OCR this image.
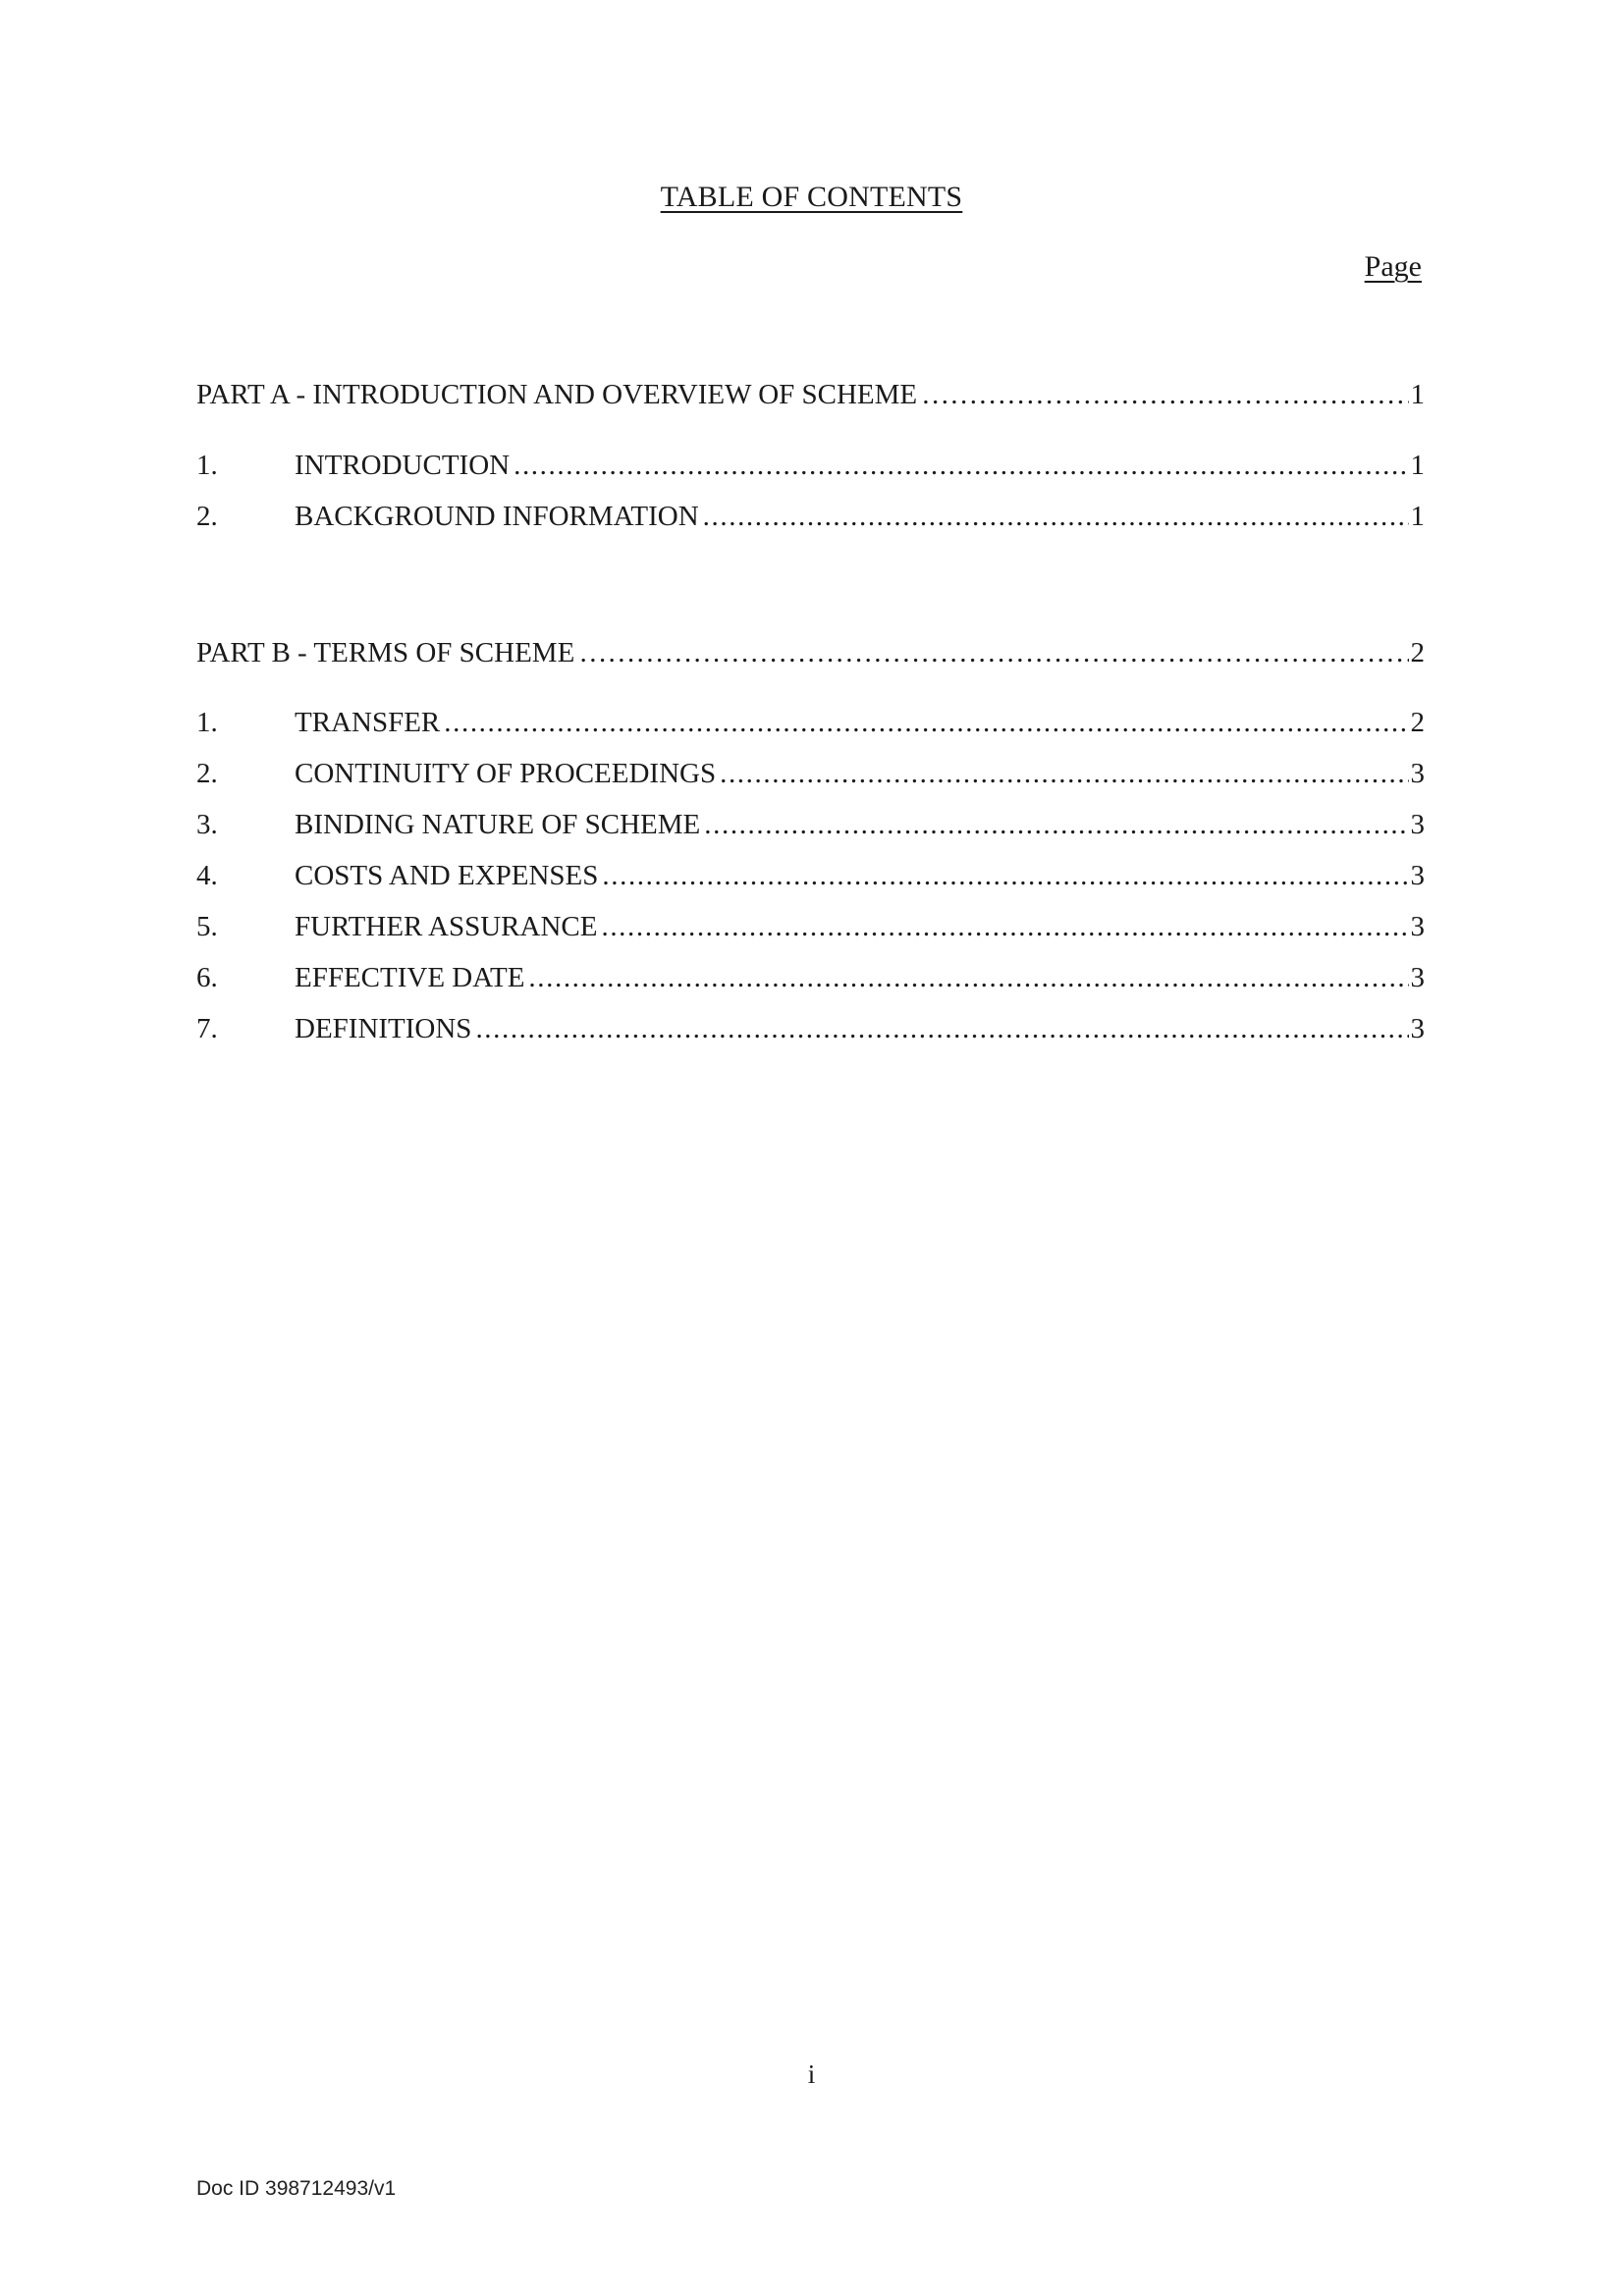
TABLE OF CONTENTS
Page
PART A - INTRODUCTION AND OVERVIEW OF SCHEME ……………………………………………………………………………………………………………………………………………………………………………………	1
1.	INTRODUCTION .....	1
2.	BACKGROUND INFORMATION .....	1
PART B - TERMS OF SCHEME ……………………………………………………………………………………………………………………………………………………………………………………	2
1.	TRANSFER .....	2
2.	CONTINUITY OF PROCEEDINGS .....	3
3.	BINDING NATURE OF SCHEME .....	3
4.	COSTS AND EXPENSES .....	3
5.	FURTHER ASSURANCE .....	3
6.	EFFECTIVE DATE .....	3
7.	DEFINITIONS .....	3
i
Doc ID 398712493/v1
